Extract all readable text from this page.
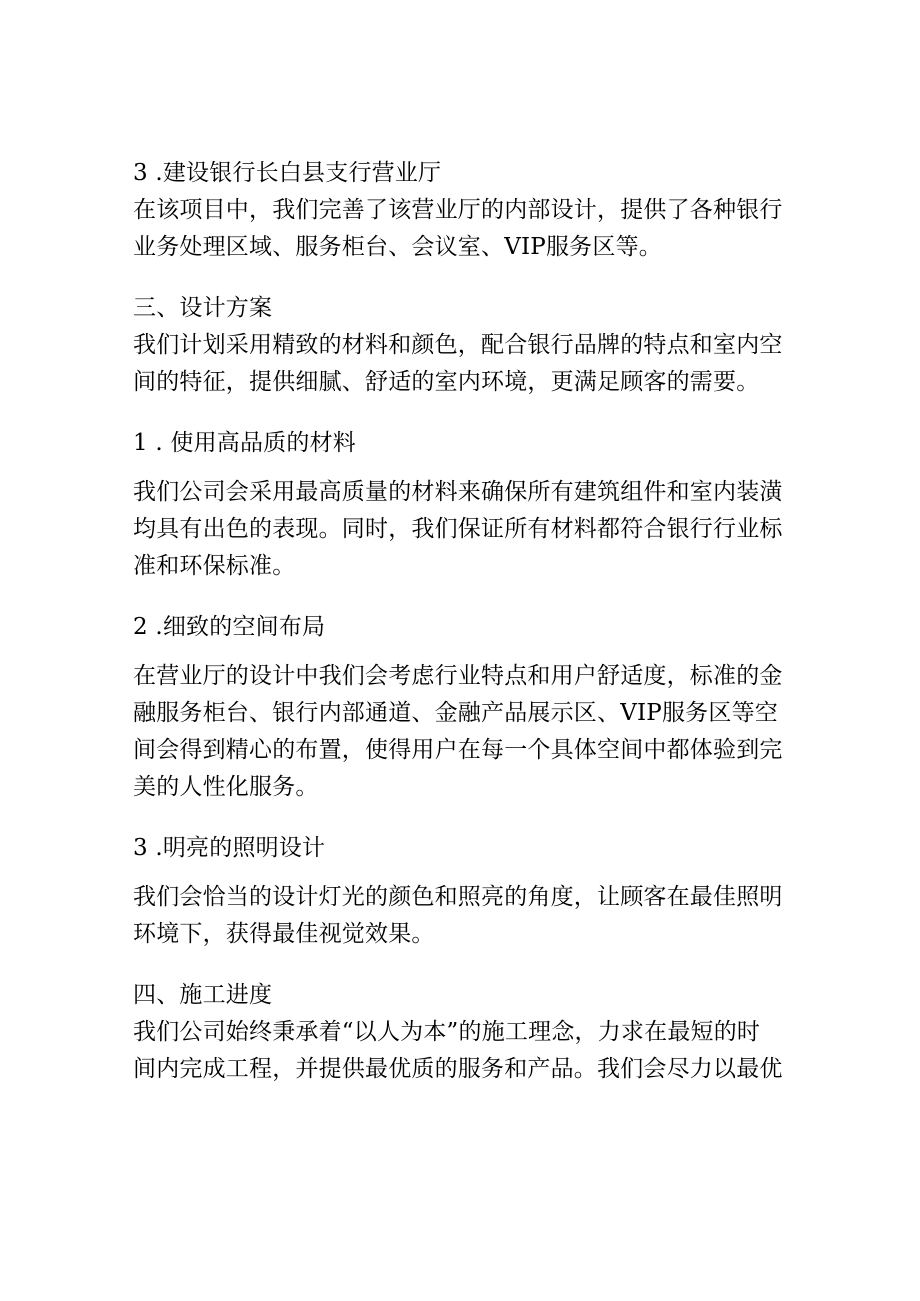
3 .建设银行长白县支行营业厅
在该项目中，我们完善了该营业厅的内部设计，提供了各种银行
业务处理区域、服务柜台、会议室、VIP服务区等。
三、设计方案
我们计划采用精致的材料和颜色，配合银行品牌的特点和室内空
间的特征，提供细腻、舒适的室内环境，更满足顾客的需要。
1 . 使用高品质的材料
我们公司会采用最高质量的材料来确保所有建筑组件和室内装潢
均具有出色的表现。同时，我们保证所有材料都符合银行行业标
准和环保标准。
2 .细致的空间布局
在营业厅的设计中我们会考虑行业特点和用户舒适度，标准的金
融服务柜台、银行内部通道、金融产品展示区、VIP服务区等空
间会得到精心的布置，使得用户在每一个具体空间中都体验到完
美的人性化服务。
3 .明亮的照明设计
我们会恰当的设计灯光的颜色和照亮的角度，让顾客在最佳照明
环境下，获得最佳视觉效果。
四、施工进度
我们公司始终秉承着“以人为本”的施工理念，力求在最短的时
间内完成工程，并提供最优质的服务和产品。我们会尽力以最优
